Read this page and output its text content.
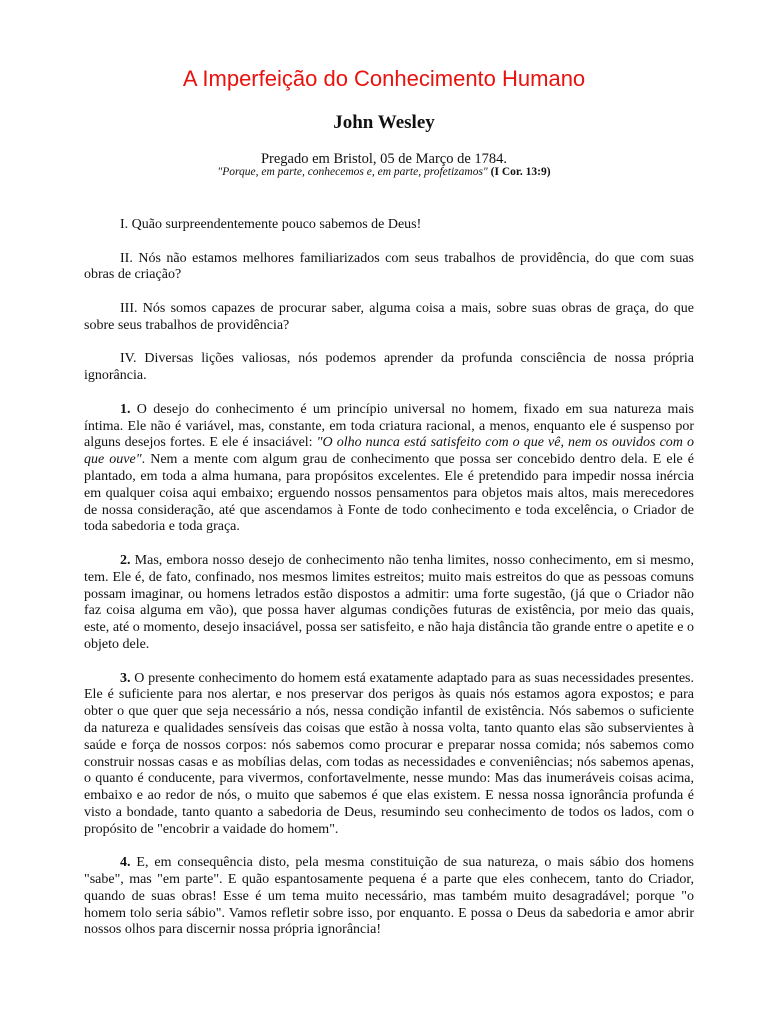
A Imperfeição do Conhecimento Humano
John Wesley
Pregado em Bristol, 05 de Março de 1784.
"Porque, em parte, conhecemos e, em parte, profetizamos" (I Cor. 13:9)

I. Quão surpreendentemente pouco sabemos de Deus!

II. Nós não estamos melhores familiarizados com seus trabalhos de providência, do que com suas obras de criação?

III. Nós somos capazes de procurar saber, alguma coisa a mais, sobre suas obras de graça, do que sobre seus trabalhos de providência?

IV. Diversas lições valiosas, nós podemos aprender da profunda consciência de nossa própria ignorância.

1. O desejo do conhecimento é um princípio universal no homem, fixado em sua natureza mais íntima. Ele não é variável, mas, constante, em toda criatura racional, a menos, enquanto ele é suspenso por alguns desejos fortes. E ele é insaciável: "O olho nunca está satisfeito com o que vê, nem os ouvidos com o que ouve". Nem a mente com algum grau de conhecimento que possa ser concebido dentro dela. E ele é plantado, em toda a alma humana, para propósitos excelentes. Ele é pretendido para impedir nossa inércia em qualquer coisa aqui embaixo; erguendo nossos pensamentos para objetos mais altos, mais merecedores de nossa consideração, até que ascendamos à Fonte de todo conhecimento e toda excelência, o Criador de toda sabedoria e toda graça.

2. Mas, embora nosso desejo de conhecimento não tenha limites, nosso conhecimento, em si mesmo, tem. Ele é, de fato, confinado, nos mesmos limites estreitos; muito mais estreitos do que as pessoas comuns possam imaginar, ou homens letrados estão dispostos a admitir: uma forte sugestão, (já que o Criador não faz coisa alguma em vão), que possa haver algumas condições futuras de existência, por meio das quais, este, até o momento, desejo insaciável, possa ser satisfeito, e não haja distância tão grande entre o apetite e o objeto dele.

3. O presente conhecimento do homem está exatamente adaptado para as suas necessidades presentes. Ele é suficiente para nos alertar, e nos preservar dos perigos às quais nós estamos agora expostos; e para obter o que quer que seja necessário a nós, nessa condição infantil de existência. Nós sabemos o suficiente da natureza e qualidades sensíveis das coisas que estão à nossa volta, tanto quanto elas são subservientes à saúde e força de nossos corpos: nós sabemos como procurar e preparar nossa comida; nós sabemos como construir nossas casas e as mobílias delas, com todas as necessidades e conveniências; nós sabemos apenas, o quanto é conducente, para vivermos, confortavelmente, nesse mundo: Mas das inumeráveis coisas acima, embaixo e ao redor de nós, o muito que sabemos é que elas existem. E nessa nossa ignorância profunda é visto a bondade, tanto quanto a sabedoria de Deus, resumindo seu conhecimento de todos os lados, com o propósito de "encobrir a vaidade do homem".

4. E, em consequência disto, pela mesma constituição de sua natureza, o mais sábio dos homens "sabe", mas "em parte". E quão espantosamente pequena é a parte que eles conhecem, tanto do Criador, quando de suas obras! Esse é um tema muito necessário, mas também muito desagradável; porque "o homem tolo seria sábio". Vamos refletir sobre isso, por enquanto. E possa o Deus da sabedoria e amor abrir nossos olhos para discernir nossa própria ignorância!
